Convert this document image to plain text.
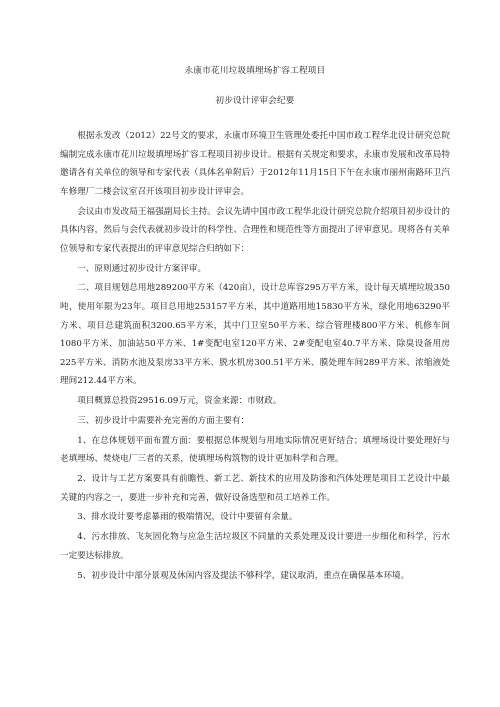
永康市花川垃圾填埋场扩容工程项目

初步设计评审会纪要

根据永发改（2012）22号文的要求，永康市环境卫生管理处委托中国市政工程华北设计研究总院编制完成永康市花川垃圾填埋场扩容工程项目初步设计。根据有关规定和要求，永康市发展和改革局特邀请各有关单位的领导和专家代表（具体名单附后）于2012年11月15日下午在永康市丽州南路环卫汽车修理厂二楼会议室召开该项目初步设计评审会。

会议由市发改局王福强副局长主持。会议先请中国市政工程华北设计研究总院介绍项目初步设计的具体内容，然后与会代表就初步设计的科学性、合理性和规范性等方面提出了评审意见。现将各有关单位领导和专家代表提出的评审意见综合归纳如下：

一、原则通过初步设计方案评审。

二、项目规划总用地289200平方米（420亩），设计总库容295万平方米，设计每天填埋垃圾350吨，使用年限为23年。项目总用地253157平方米，其中道路用地15830平方米，绿化用地63290平方米、项目总建筑面积3200.65平方米，其中门卫室50平方米、综合管理楼800平方米、机修车间1080平方米、加油站50平方米、1#变配电室120平方米、2#变配电室40.7平方米、除臭设备用房225平方米、消防水池及泵房33平方米、脱水机房300.51平方米、膜处理车间289平方米、浓缩液处理间212.44平方米。

项目概算总投资29516.09万元，资金来源：市财政。

三、初步设计中需要补充完善的方面主要有：

1、在总体规划平面布置方面：要根据总体规划与用地实际情况更好结合；填埋场设计要处理好与老填埋场、焚烧电厂三者的关系，使填埋场构筑物的设计更加科学和合理。

2、设计与工艺方案要具有前瞻性、新工艺、新技术的应用及防渗和汽体处理是项目工艺设计中最关键的内容之一，要进一步补充和完善，做好设备选型和员工培养工作。

3、排水设计要考虑暴雨的极端情况，设计中要留有余量。

4、污水排放、飞灰固化物与应急生活垃圾区不同量的关系处理及设计要进一步细化和科学，污水一定要达标排放。

5、初步设计中部分景观及休闲内容及提法不够科学，建议取消，重点在确保基本环境。
